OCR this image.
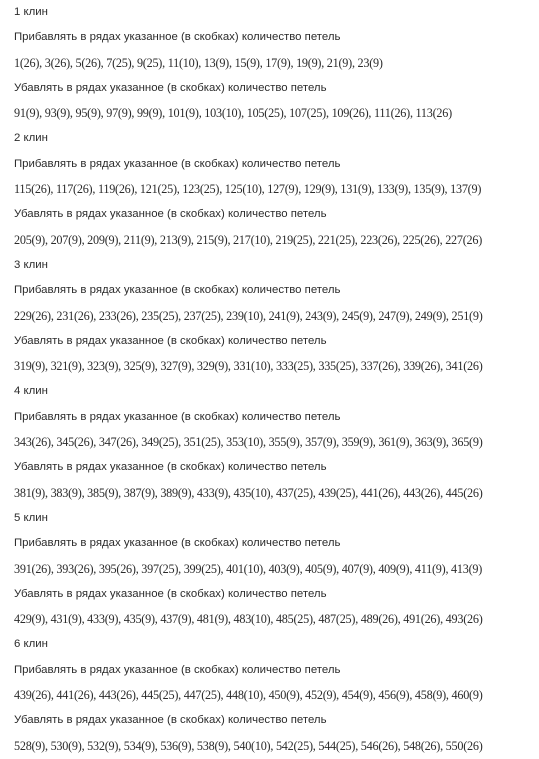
1 клин
Прибавлять в рядах указанное (в скобках) количество петель
1(26), 3(26), 5(26), 7(25), 9(25), 11(10), 13(9), 15(9), 17(9), 19(9), 21(9), 23(9)
Убавлять в рядах указанное (в скобках) количество петель
91(9), 93(9), 95(9), 97(9), 99(9), 101(9), 103(10), 105(25), 107(25), 109(26), 111(26), 113(26)
2 клин
Прибавлять в рядах указанное (в скобках) количество петель
115(26), 117(26), 119(26), 121(25), 123(25), 125(10), 127(9), 129(9), 131(9), 133(9), 135(9), 137(9)
Убавлять в рядах указанное (в скобках) количество петель
205(9), 207(9), 209(9), 211(9), 213(9), 215(9), 217(10), 219(25), 221(25), 223(26), 225(26), 227(26)
3 клин
Прибавлять в рядах указанное (в скобках) количество петель
229(26), 231(26), 233(26), 235(25), 237(25), 239(10), 241(9), 243(9), 245(9), 247(9), 249(9), 251(9)
Убавлять в рядах указанное (в скобках) количество петель
319(9), 321(9), 323(9), 325(9), 327(9), 329(9), 331(10), 333(25), 335(25), 337(26), 339(26), 341(26)
4 клин
Прибавлять в рядах указанное (в скобках) количество петель
343(26), 345(26), 347(26), 349(25), 351(25), 353(10), 355(9), 357(9), 359(9), 361(9), 363(9), 365(9)
Убавлять в рядах указанное (в скобках) количество петель
381(9), 383(9), 385(9), 387(9), 389(9), 433(9), 435(10), 437(25), 439(25), 441(26), 443(26), 445(26)
5 клин
Прибавлять в рядах указанное (в скобках) количество петель
391(26), 393(26), 395(26), 397(25), 399(25), 401(10), 403(9), 405(9), 407(9), 409(9), 411(9), 413(9)
Убавлять в рядах указанное (в скобках) количество петель
429(9), 431(9), 433(9), 435(9), 437(9), 481(9), 483(10), 485(25), 487(25), 489(26), 491(26), 493(26)
6 клин
Прибавлять в рядах указанное (в скобках) количество петель
439(26), 441(26), 443(26), 445(25), 447(25), 448(10), 450(9), 452(9), 454(9), 456(9), 458(9), 460(9)
Убавлять в рядах указанное (в скобках) количество петель
528(9), 530(9), 532(9), 534(9), 536(9), 538(9), 540(10), 542(25), 544(25), 546(26), 548(26), 550(26)
